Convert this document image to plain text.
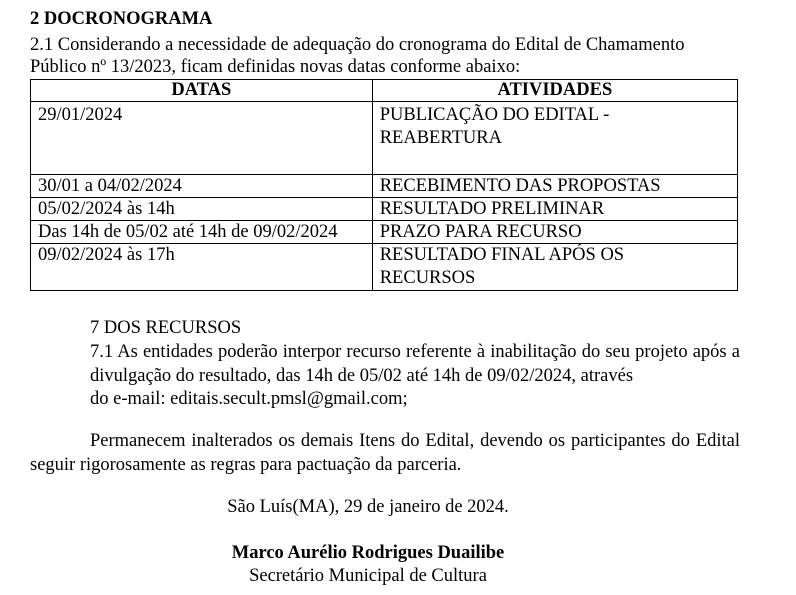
2 DOCRONOGRAMA
2.1 Considerando a necessidade de adequação do cronograma do Edital de Chamamento
Público nº 13/2023, ficam definidas novas datas conforme abaixo:
DATAS	ATIVIDADES
29/01/2024	PUBLICAÇÃO DO EDITAL -
REABERTURA

30/01 a 04/02/2024	RECEBIMENTO DAS PROPOSTAS
05/02/2024 às 14h	RESULTADO PRELIMINAR
Das 14h de 05/02 até 14h de 09/02/2024	PRAZO PARA RECURSO
09/02/2024 às 17h	RESULTADO FINAL APÓS OS
RECURSOS
7 DOS RECURSOS
7.1 As entidades poderão interpor recurso referente à inabilitação do seu projeto após a divulgação do resultado, das 14h de 05/02 até 14h de 09/02/2024, através
do e-mail: editais.secult.pmsl@gmail.com;
Permanecem inalterados os demais Itens do Edital, devendo os participantes do Edital seguir rigorosamente as regras para pactuação da parceria.
São Luís(MA), 29 de janeiro de 2024.
Marco Aurélio Rodrigues Duailibe
Secretário Municipal de Cultura
